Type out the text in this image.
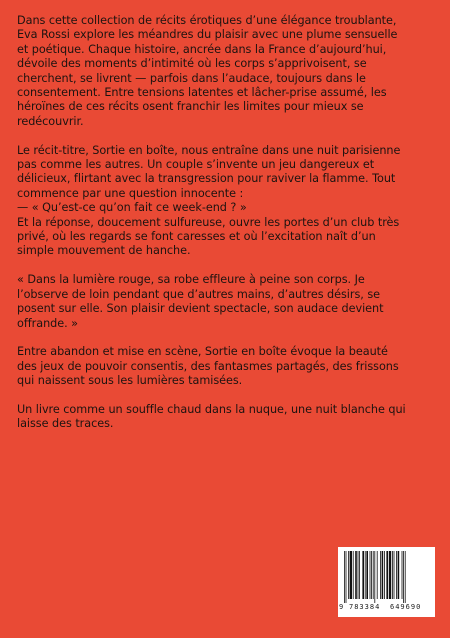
Dans cette collection de récits érotiques d’une élégance troublante,
Eva Rossi explore les méandres du plaisir avec une plume sensuelle
et poétique. Chaque histoire, ancrée dans la France d’aujourd’hui,
dévoile des moments d’intimité où les corps s’apprivoisent, se
cherchent, se livrent — parfois dans l’audace, toujours dans le
consentement. Entre tensions latentes et lâcher-prise assumé, les
héroïnes de ces récits osent franchir les limites pour mieux se
redécouvrir.

Le récit-titre, Sortie en boîte, nous entraîne dans une nuit parisienne
pas comme les autres. Un couple s’invente un jeu dangereux et
délicieux, flirtant avec la transgression pour raviver la flamme. Tout
commence par une question innocente :
— « Qu’est-ce qu’on fait ce week-end ? »
Et la réponse, doucement sulfureuse, ouvre les portes d’un club très
privé, où les regards se font caresses et où l’excitation naît d’un
simple mouvement de hanche.

« Dans la lumière rouge, sa robe effleure à peine son corps. Je
l’observe de loin pendant que d’autres mains, d’autres désirs, se
posent sur elle. Son plaisir devient spectacle, son audace devient
offrande. »

Entre abandon et mise en scène, Sortie en boîte évoque la beauté
des jeux de pouvoir consentis, des fantasmes partagés, des frissons
qui naissent sous les lumières tamisées.

Un livre comme un souffle chaud dans la nuque, une nuit blanche qui
laisse des traces.

9 783384 649690
